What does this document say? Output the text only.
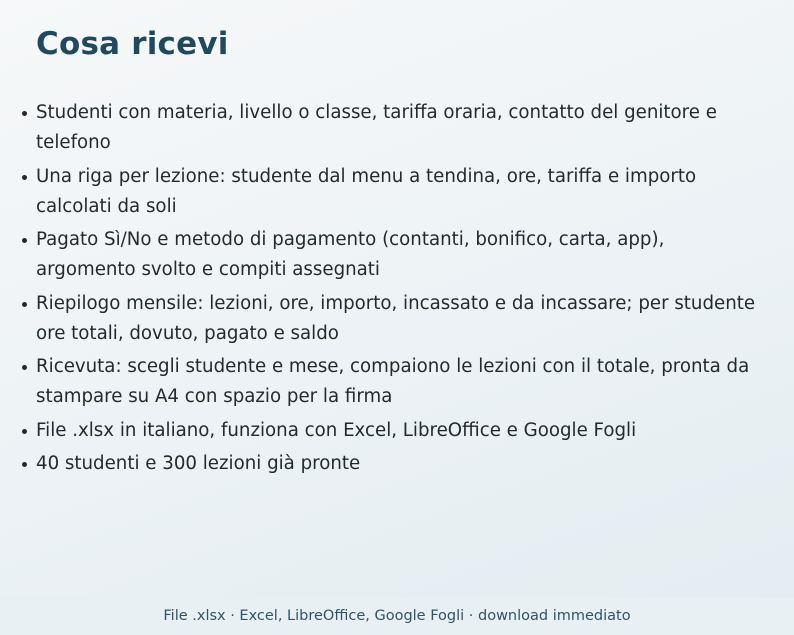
Cosa ricevi
Studenti con materia, livello o classe, tariffa oraria, contatto del genitore e telefono
Una riga per lezione: studente dal menu a tendina, ore, tariffa e importo calcolati da soli
Pagato Sì/No e metodo di pagamento (contanti, bonifico, carta, app), argomento svolto e compiti assegnati
Riepilogo mensile: lezioni, ore, importo, incassato e da incassare; per studente ore totali, dovuto, pagato e saldo
Ricevuta: scegli studente e mese, compaiono le lezioni con il totale, pronta da stampare su A4 con spazio per la firma
File .xlsx in italiano, funziona con Excel, LibreOffice e Google Fogli
40 studenti e 300 lezioni già pronte
File .xlsx · Excel, LibreOffice, Google Fogli · download immediato
